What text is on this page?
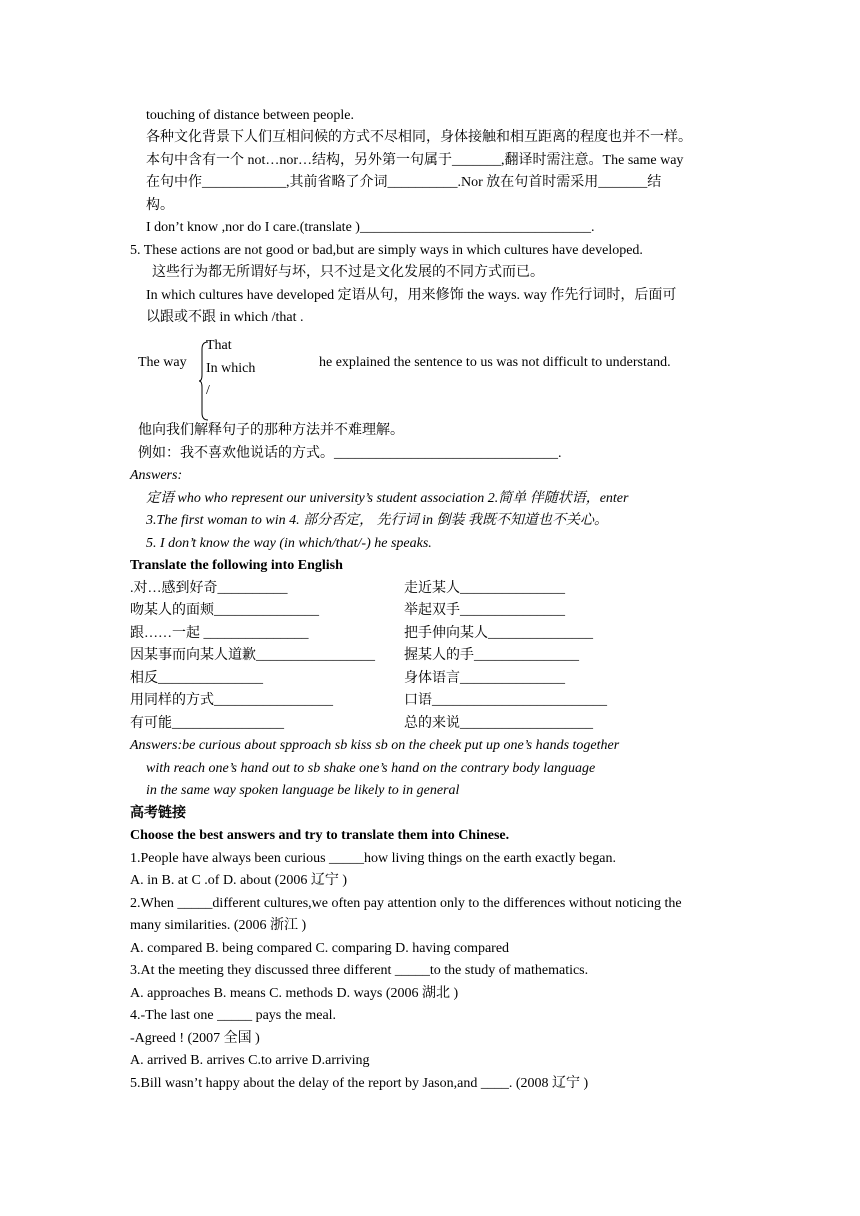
touching of distance between people.
各种文化背景下人们互相问候的方式不尽相同，身体接触和相互距离的程度也并不一样。
本句中含有一个 not…nor…结构，另外第一句属于_______,翻译时需注意。The same way
在句中作____________,其前省略了介词__________.Nor 放在句首时需采用_______结
构。
I don’t know ,nor do I care.(translate )_________________________________.
5. These actions are not good or bad,but are simply ways in which cultures have developed.
这些行为都无所谓好与坏，只不过是文化发展的不同方式而已。
In which cultures have developed 定语从句，用来修饰 the ways. way 作先行词时，后面可
以跟或不跟 in which /that .
The way
That
In which
/
he explained the sentence to us was not difficult to understand.
他向我们解释句子的那种方法并不难理解。
例如：我不喜欢他说话的方式。________________________________.
Answers:
定语 who who represent our university’s student association 2.简单 伴随状语，enter
3.The first woman to win 4. 部分否定， 先行词 in 倒装 我既不知道也不关心。
5. I don’t know the way (in which/that/-) he speaks.
Translate the following into English
.对…感到好奇__________
吻某人的面颊_______________
跟……一起 _______________
因某事而向某人道歉_________________
相反_______________
用同样的方式_________________
有可能________________
走近某人_______________
举起双手_______________
把手伸向某人_______________
握某人的手_______________
身体语言_______________
口语_________________________
总的来说___________________
Answers:be curious about spproach sb kiss sb on the cheek put up one’s hands together
with reach one’s hand out to sb shake one’s hand on the contrary body language
in the same way spoken language be likely to in general
高考链接
Choose the best answers and try to translate them into Chinese.
1.People have always been curious _____how living things on the earth exactly began.
A. in B. at C .of D. about (2006 辽宁 )
2.When _____different cultures,we often pay attention only to the differences without noticing the
many similarities. (2006 浙江 )
A. compared B. being compared C. comparing D. having compared
3.At the meeting they discussed three different _____to the study of mathematics.
A. approaches B. means C. methods D. ways (2006 湖北 )
4.-The last one _____ pays the meal.
-Agreed ! (2007 全国 )
A. arrived B. arrives C.to arrive D.arriving
5.Bill wasn’t happy about the delay of the report by Jason,and ____. (2008 辽宁 )
